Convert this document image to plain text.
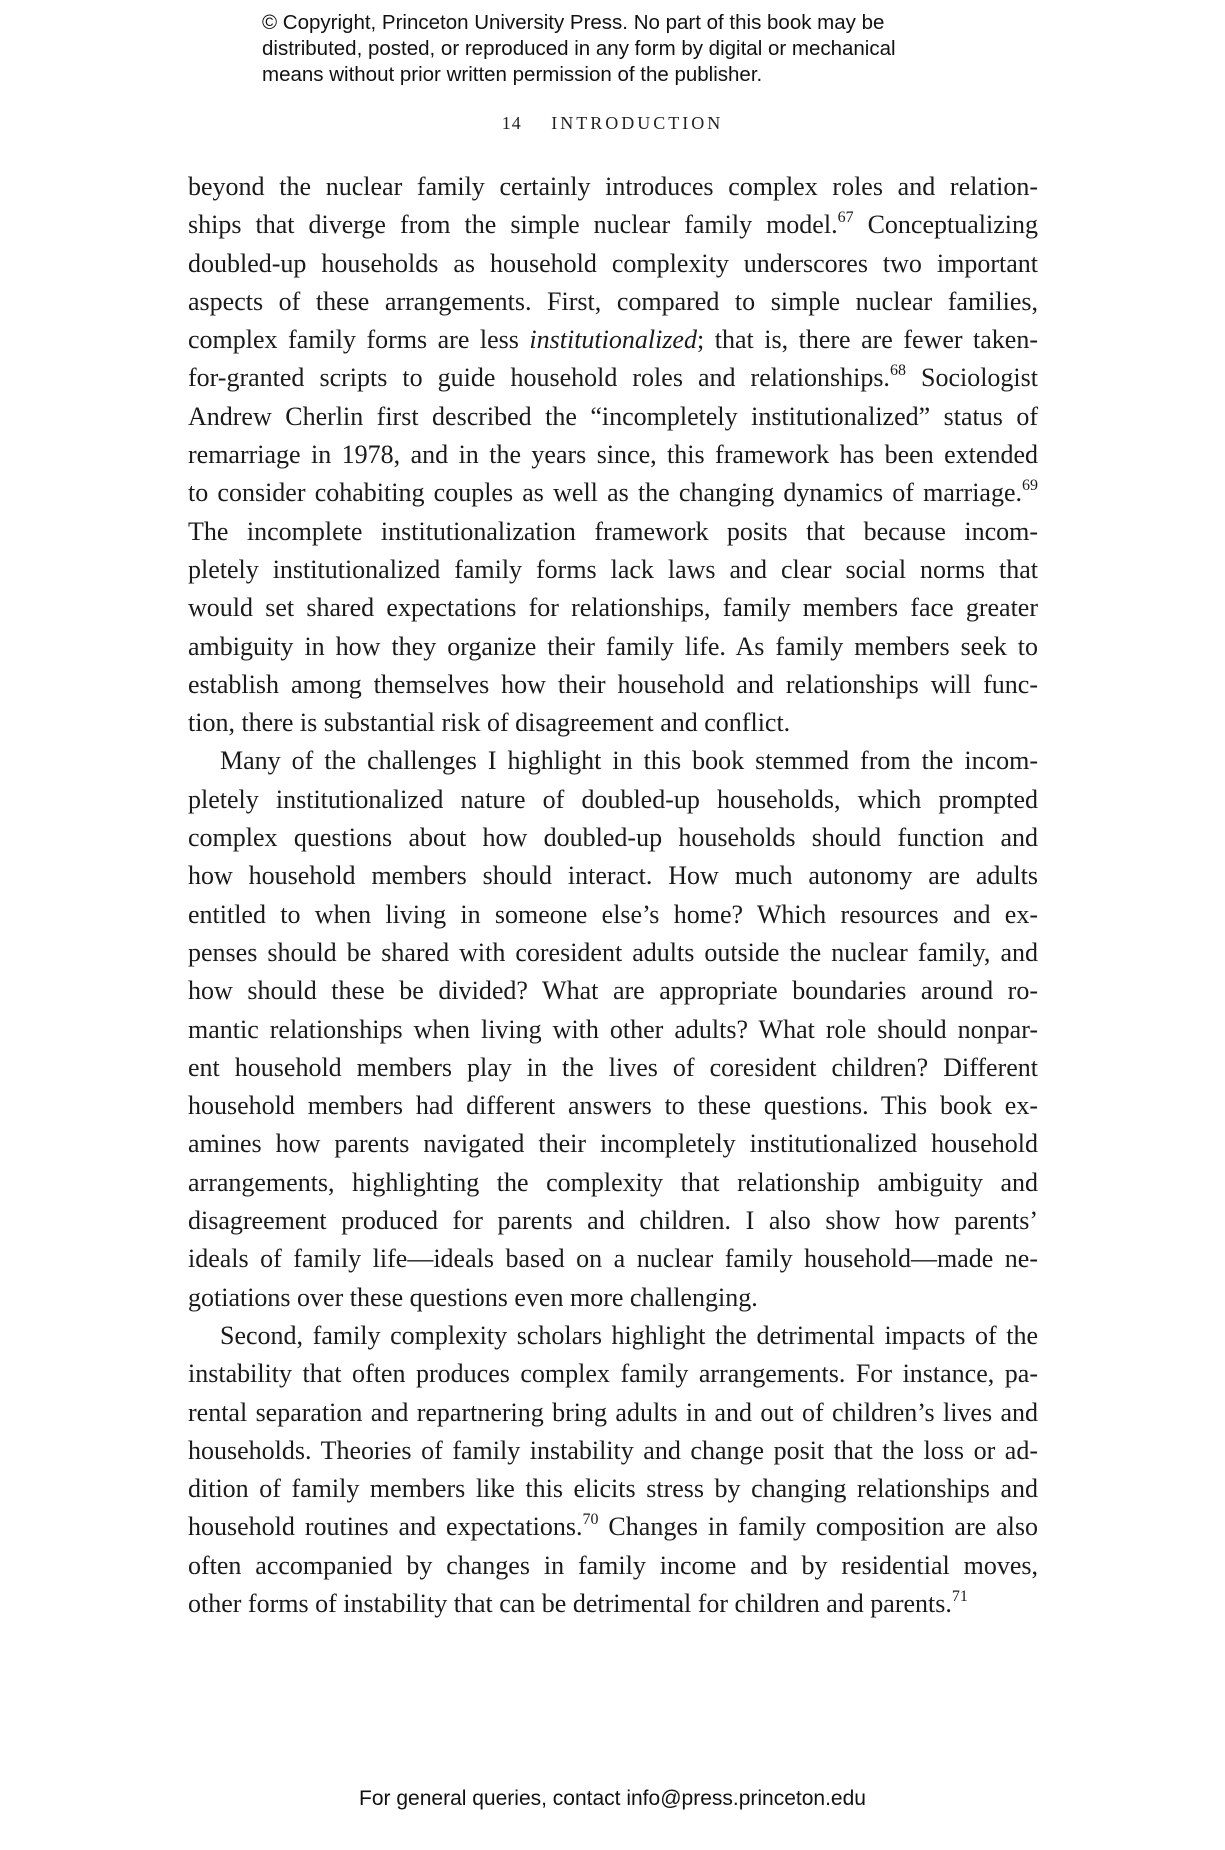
© Copyright, Princeton University Press. No part of this book may be
distributed, posted, or reproduced in any form by digital or mechanical
means without prior written permission of the publisher.
14 INTRODUCTION
beyond the nuclear family certainly introduces complex roles and relation-
ships that diverge from the simple nuclear family model.$^{67}$ Conceptualizing
doubled-up households as household complexity underscores two important
aspects of these arrangements. First, compared to simple nuclear families,
complex family forms are less institutionalized; that is, there are fewer taken-
for-granted scripts to guide household roles and relationships.$^{68}$ Sociologist
Andrew Cherlin first described the “incompletely institutionalized” status of
remarriage in 1978, and in the years since, this framework has been extended
to consider cohabiting couples as well as the changing dynamics of marriage.$^{69}$
The incomplete institutionalization framework posits that because incom-
pletely institutionalized family forms lack laws and clear social norms that
would set shared expectations for relationships, family members face greater
ambiguity in how they organize their family life. As family members seek to
establish among themselves how their household and relationships will func-
tion, there is substantial risk of disagreement and conflict.
Many of the challenges I highlight in this book stemmed from the incom-
pletely institutionalized nature of doubled-up households, which prompted
complex questions about how doubled-up households should function and
how household members should interact. How much autonomy are adults
entitled to when living in someone else’s home? Which resources and ex-
penses should be shared with coresident adults outside the nuclear family, and
how should these be divided? What are appropriate boundaries around ro-
mantic relationships when living with other adults? What role should nonpar-
ent household members play in the lives of coresident children? Different
household members had different answers to these questions. This book ex-
amines how parents navigated their incompletely institutionalized household
arrangements, highlighting the complexity that relationship ambiguity and
disagreement produced for parents and children. I also show how parents’
ideals of family life—ideals based on a nuclear family household—made ne-
gotiations over these questions even more challenging.
Second, family complexity scholars highlight the detrimental impacts of the
instability that often produces complex family arrangements. For instance, pa-
rental separation and repartnering bring adults in and out of children’s lives and
households. Theories of family instability and change posit that the loss or ad-
dition of family members like this elicits stress by changing relationships and
household routines and expectations.$^{70}$ Changes in family composition are also
often accompanied by changes in family income and by residential moves,
other forms of instability that can be detrimental for children and parents.$^{71}$
For general queries, contact info@press.princeton.edu
